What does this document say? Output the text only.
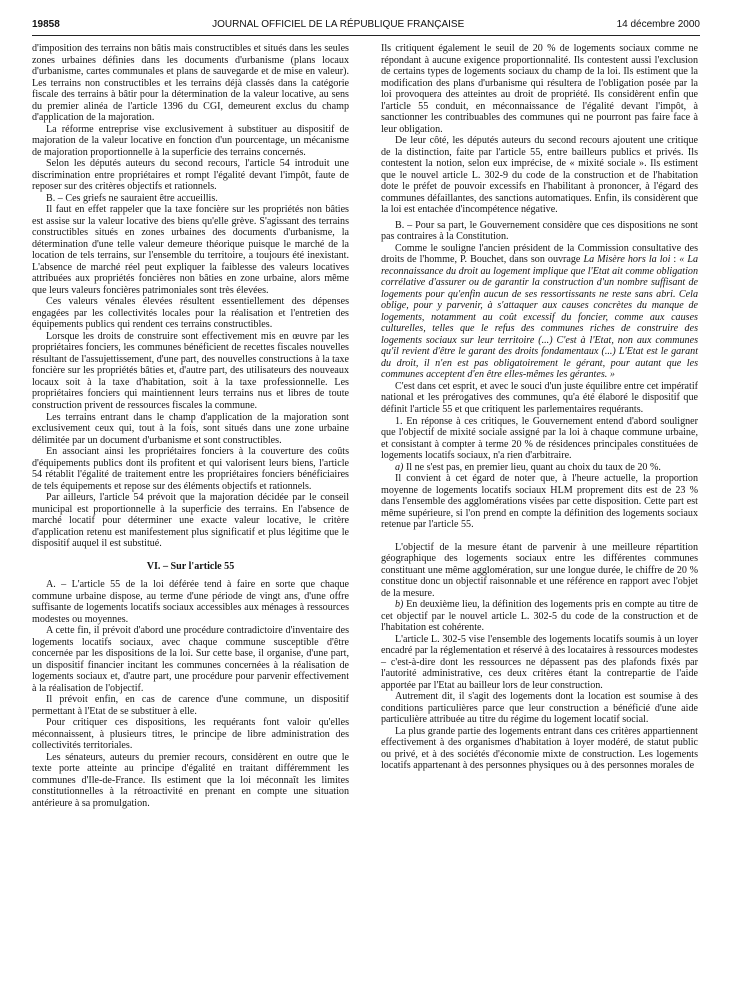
19858	JOURNAL OFFICIEL DE LA RÉPUBLIQUE FRANÇAISE	14 décembre 2000

d'imposition des terrains non bâtis mais constructibles et situés dans les seules zones urbaines définies dans les documents d'urbanisme (plans locaux d'urbanisme, cartes communales et plans de sauvegarde et de mise en valeur). Les terrains non constructibles et les terrains déjà classés dans la catégorie fiscale des terrains à bâtir pour la détermination de la valeur locative, au sens du premier alinéa de l'article 1396 du CGI, demeurent exclus du champ d'application de la majoration.

La réforme entreprise vise exclusivement à substituer au dispositif de majoration de la valeur locative en fonction d'un pourcentage, un mécanisme de majoration proportionnelle à la superficie des terrains concernés.

Selon les députés auteurs du second recours, l'article 54 introduit une discrimination entre propriétaires et rompt l'égalité devant l'impôt, faute de reposer sur des critères objectifs et rationnels.

B. – Ces griefs ne sauraient être accueillis.

Il faut en effet rappeler que la taxe foncière sur les propriétés non bâties est assise sur la valeur locative des biens qu'elle grève. S'agissant des terrains constructibles situés en zones urbaines des documents d'urbanisme, la détermination d'une telle valeur demeure théorique puisque le marché de la location de tels terrains, sur l'ensemble du territoire, a toujours été inexistant. L'absence de marché réel peut expliquer la faiblesse des valeurs locatives attribuées aux propriétés foncières non bâties en zone urbaine, alors même que leurs valeurs foncières patrimoniales sont très élevées.

Ces valeurs vénales élevées résultent essentiellement des dépenses engagées par les collectivités locales pour la réalisation et l'entretien des équipements publics qui rendent ces terrains constructibles.

Lorsque les droits de construire sont effectivement mis en œuvre par les propriétaires fonciers, les communes bénéficient de recettes fiscales nouvelles résultant de l'assujettissement, d'une part, des nouvelles constructions à la taxe foncière sur les propriétés bâties et, d'autre part, des utilisateurs des nouveaux locaux soit à la taxe d'habitation, soit à la taxe professionnelle. Les propriétaires fonciers qui maintiennent leurs terrains nus et libres de toute construction privent de ressources fiscales la commune.

Les terrains entrant dans le champ d'application de la majoration sont exclusivement ceux qui, tout à la fois, sont situés dans une zone urbaine délimitée par un document d'urbanisme et sont constructibles.

En associant ainsi les propriétaires fonciers à la couverture des coûts d'équipements publics dont ils profitent et qui valorisent leurs biens, l'article 54 rétablit l'égalité de traitement entre les propriétaires fonciers bénéficiaires de tels équipements et repose sur des éléments objectifs et rationnels.

Par ailleurs, l'article 54 prévoit que la majoration décidée par le conseil municipal est proportionnelle à la superficie des terrains. En l'absence de marché locatif pour déterminer une exacte valeur locative, le critère d'application retenu est manifestement plus significatif et plus légitime que le dispositif auquel il est substitué.

VI. – Sur l'article 55

A. – L'article 55 de la loi déférée tend à faire en sorte que chaque commune urbaine dispose, au terme d'une période de vingt ans, d'une offre suffisante de logements locatifs sociaux accessibles aux ménages à ressources modestes ou moyennes.

A cette fin, il prévoit d'abord une procédure contradictoire d'inventaire des logements locatifs sociaux, avec chaque commune susceptible d'être concernée par les dispositions de la loi. Sur cette base, il organise, d'une part, un dispositif financier incitant les communes concernées à la réalisation de logements sociaux et, d'autre part, une procédure pour parvenir effectivement à la réalisation de l'objectif.

Il prévoit enfin, en cas de carence d'une commune, un dispositif permettant à l'Etat de se substituer à elle.

Pour critiquer ces dispositions, les requérants font valoir qu'elles méconnaissent, à plusieurs titres, le principe de libre administration des collectivités territoriales.

Les sénateurs, auteurs du premier recours, considèrent en outre que le texte porte atteinte au principe d'égalité en traitant différemment les communes d'Ile-de-France. Ils estiment que la loi méconnaît les limites constitutionnelles à la rétroactivité en prenant en compte une situation antérieure à sa promulgation.

Ils critiquent également le seuil de 20 % de logements sociaux comme ne répondant à aucune exigence proportionnalité. Ils contestent aussi l'exclusion de certains types de logements sociaux du champ de la loi. Ils estiment que la modification des plans d'urbanisme qui résultera de l'obligation posée par la loi provoquera des atteintes au droit de propriété. Ils considèrent enfin que l'article 55 conduit, en méconnaissance de l'égalité devant l'impôt, à sanctionner les contribuables des communes qui ne pourront pas faire face à leur obligation.

De leur côté, les députés auteurs du second recours ajoutent une critique de la distinction, faite par l'article 55, entre bailleurs publics et privés. Ils contestent la notion, selon eux imprécise, de « mixité sociale ». Ils estiment que le nouvel article L. 302-9 du code de la construction et de l'habitation dote le préfet de pouvoir excessifs en l'habilitant à prononcer, à l'égard des communes défaillantes, des sanctions automatiques. Enfin, ils considèrent que la loi est entachée d'incompétence négative.

B. – Pour sa part, le Gouvernement considère que ces dispositions ne sont pas contraires à la Constitution.

Comme le souligne l'ancien président de la Commission consultative des droits de l'homme, P. Bouchet, dans son ouvrage La Misère hors la loi : « La reconnaissance du droit au logement implique que l'Etat ait comme obligation corrélative d'assurer ou de garantir la construction d'un nombre suffisant de logements pour qu'enfin aucun de ses ressortissants ne reste sans abri. Cela oblige, pour y parvenir, à s'attaquer aux causes concrètes du manque de logements, notamment au coût excessif du foncier, comme aux causes culturelles, telles que le refus des communes riches de construire des logements sociaux sur leur territoire (...) C'est à l'Etat, non aux communes qu'il revient d'être le garant des droits fondamentaux (...) L'Etat est le garant du droit, il n'en est pas obligatoirement le gérant, pour autant que les communes acceptent d'en être elles-mêmes les gérantes. »

C'est dans cet esprit, et avec le souci d'un juste équilibre entre cet impératif national et les prérogatives des communes, qu'a été élaboré le dispositif que définit l'article 55 et que critiquent les parlementaires requérants.

1. En réponse à ces critiques, le Gouvernement entend d'abord souligner que l'objectif de mixité sociale assigné par la loi à chaque commune urbaine, et consistant à compter à terme 20 % de résidences principales constituées de logements locatifs sociaux, n'a rien d'arbitraire.

a) Il ne s'est pas, en premier lieu, quant au choix du taux de 20 %.

Il convient à cet égard de noter que, à l'heure actuelle, la proportion moyenne de logements locatifs sociaux HLM proprement dits est de 23 % dans l'ensemble des agglomérations visées par cette disposition. Cette part est même supérieure, si l'on prend en compte la définition des logements sociaux retenue par l'article 55.

L'objectif de la mesure étant de parvenir à une meilleure répartition géographique des logements sociaux entre les différentes communes constituant une même agglomération, sur une longue durée, le chiffre de 20 % constitue donc un objectif raisonnable et une référence en rapport avec l'objet de la mesure.

b) En deuxième lieu, la définition des logements pris en compte au titre de cet objectif par le nouvel article L. 302-5 du code de la construction et de l'habitation est cohérente.

L'article L. 302-5 vise l'ensemble des logements locatifs soumis à un loyer encadré par la réglementation et réservé à des locataires à ressources modestes – c'est-à-dire dont les ressources ne dépassent pas des plafonds fixés par l'autorité administrative, ces deux critères étant la contrepartie de l'aide apportée par l'Etat au bailleur lors de leur construction.

Autrement dit, il s'agit des logements dont la location est soumise à des conditions particulières parce que leur construction a bénéficié d'une aide particulière attribuée au titre du régime du logement locatif social.

La plus grande partie des logements entrant dans ces critères appartiennent effectivement à des organismes d'habitation à loyer modéré, de statut public ou privé, et à des sociétés d'économie mixte de construction. Les logements locatifs appartenant à des personnes physiques ou à des personnes morales de
